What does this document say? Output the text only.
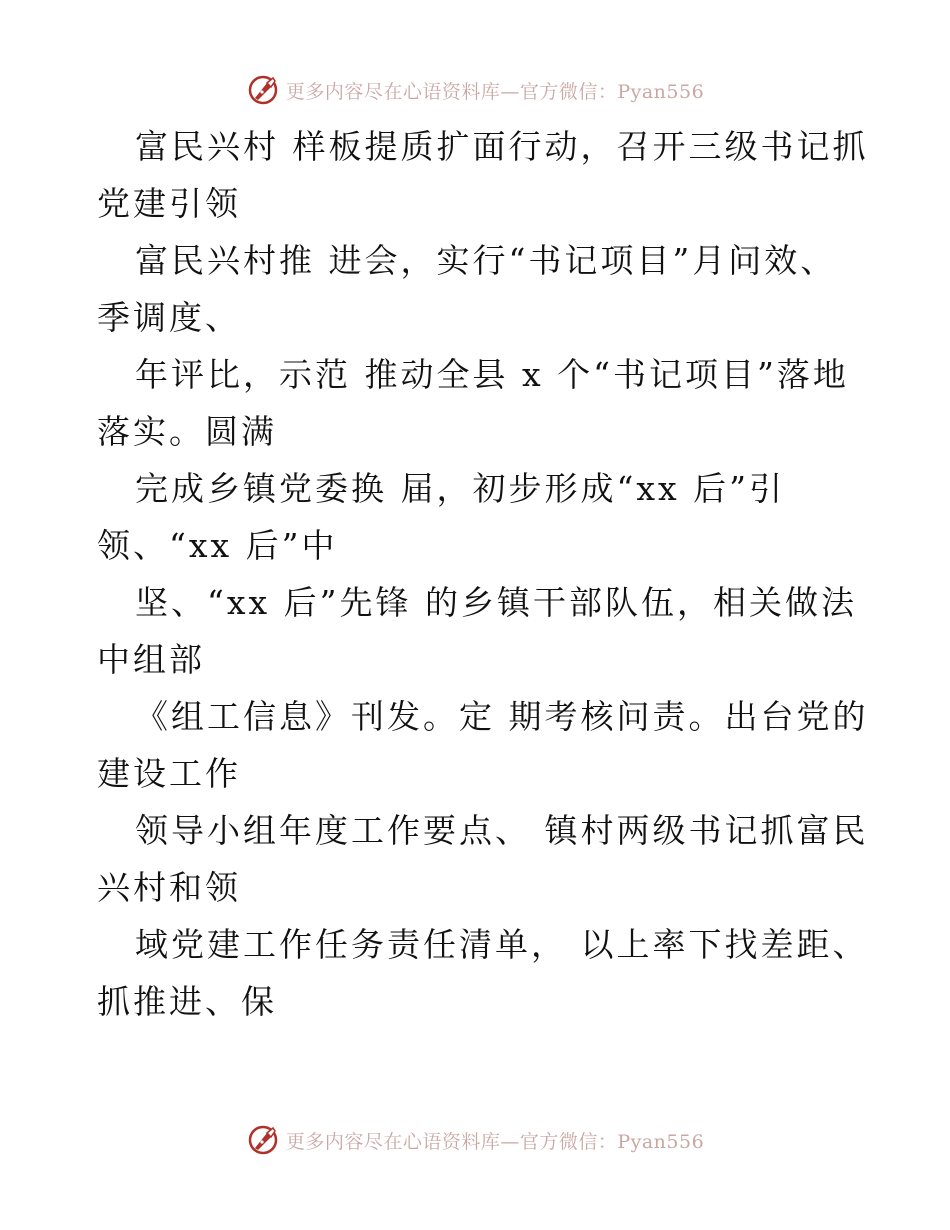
更多内容尽在心语资料库—官方微信：Pyan556
富民兴村 样板提质扩面行动，召开三级书记抓
党建引领
富民兴村推 进会，实行“书记项目”月问效、
季调度、
年评比，示范 推动全县 x 个“书记项目”落地
落实。圆满
完成乡镇党委换 届，初步形成“xx 后”引
领、“xx 后”中
坚、“xx 后”先锋 的乡镇干部队伍，相关做法
中组部
《组工信息》刊发。定 期考核问责。出台党的
建设工作
领导小组年度工作要点、 镇村两级书记抓富民
兴村和领
域党建工作任务责任清单， 以上率下找差距、
抓推进、保
更多内容尽在心语资料库—官方微信：Pyan556
